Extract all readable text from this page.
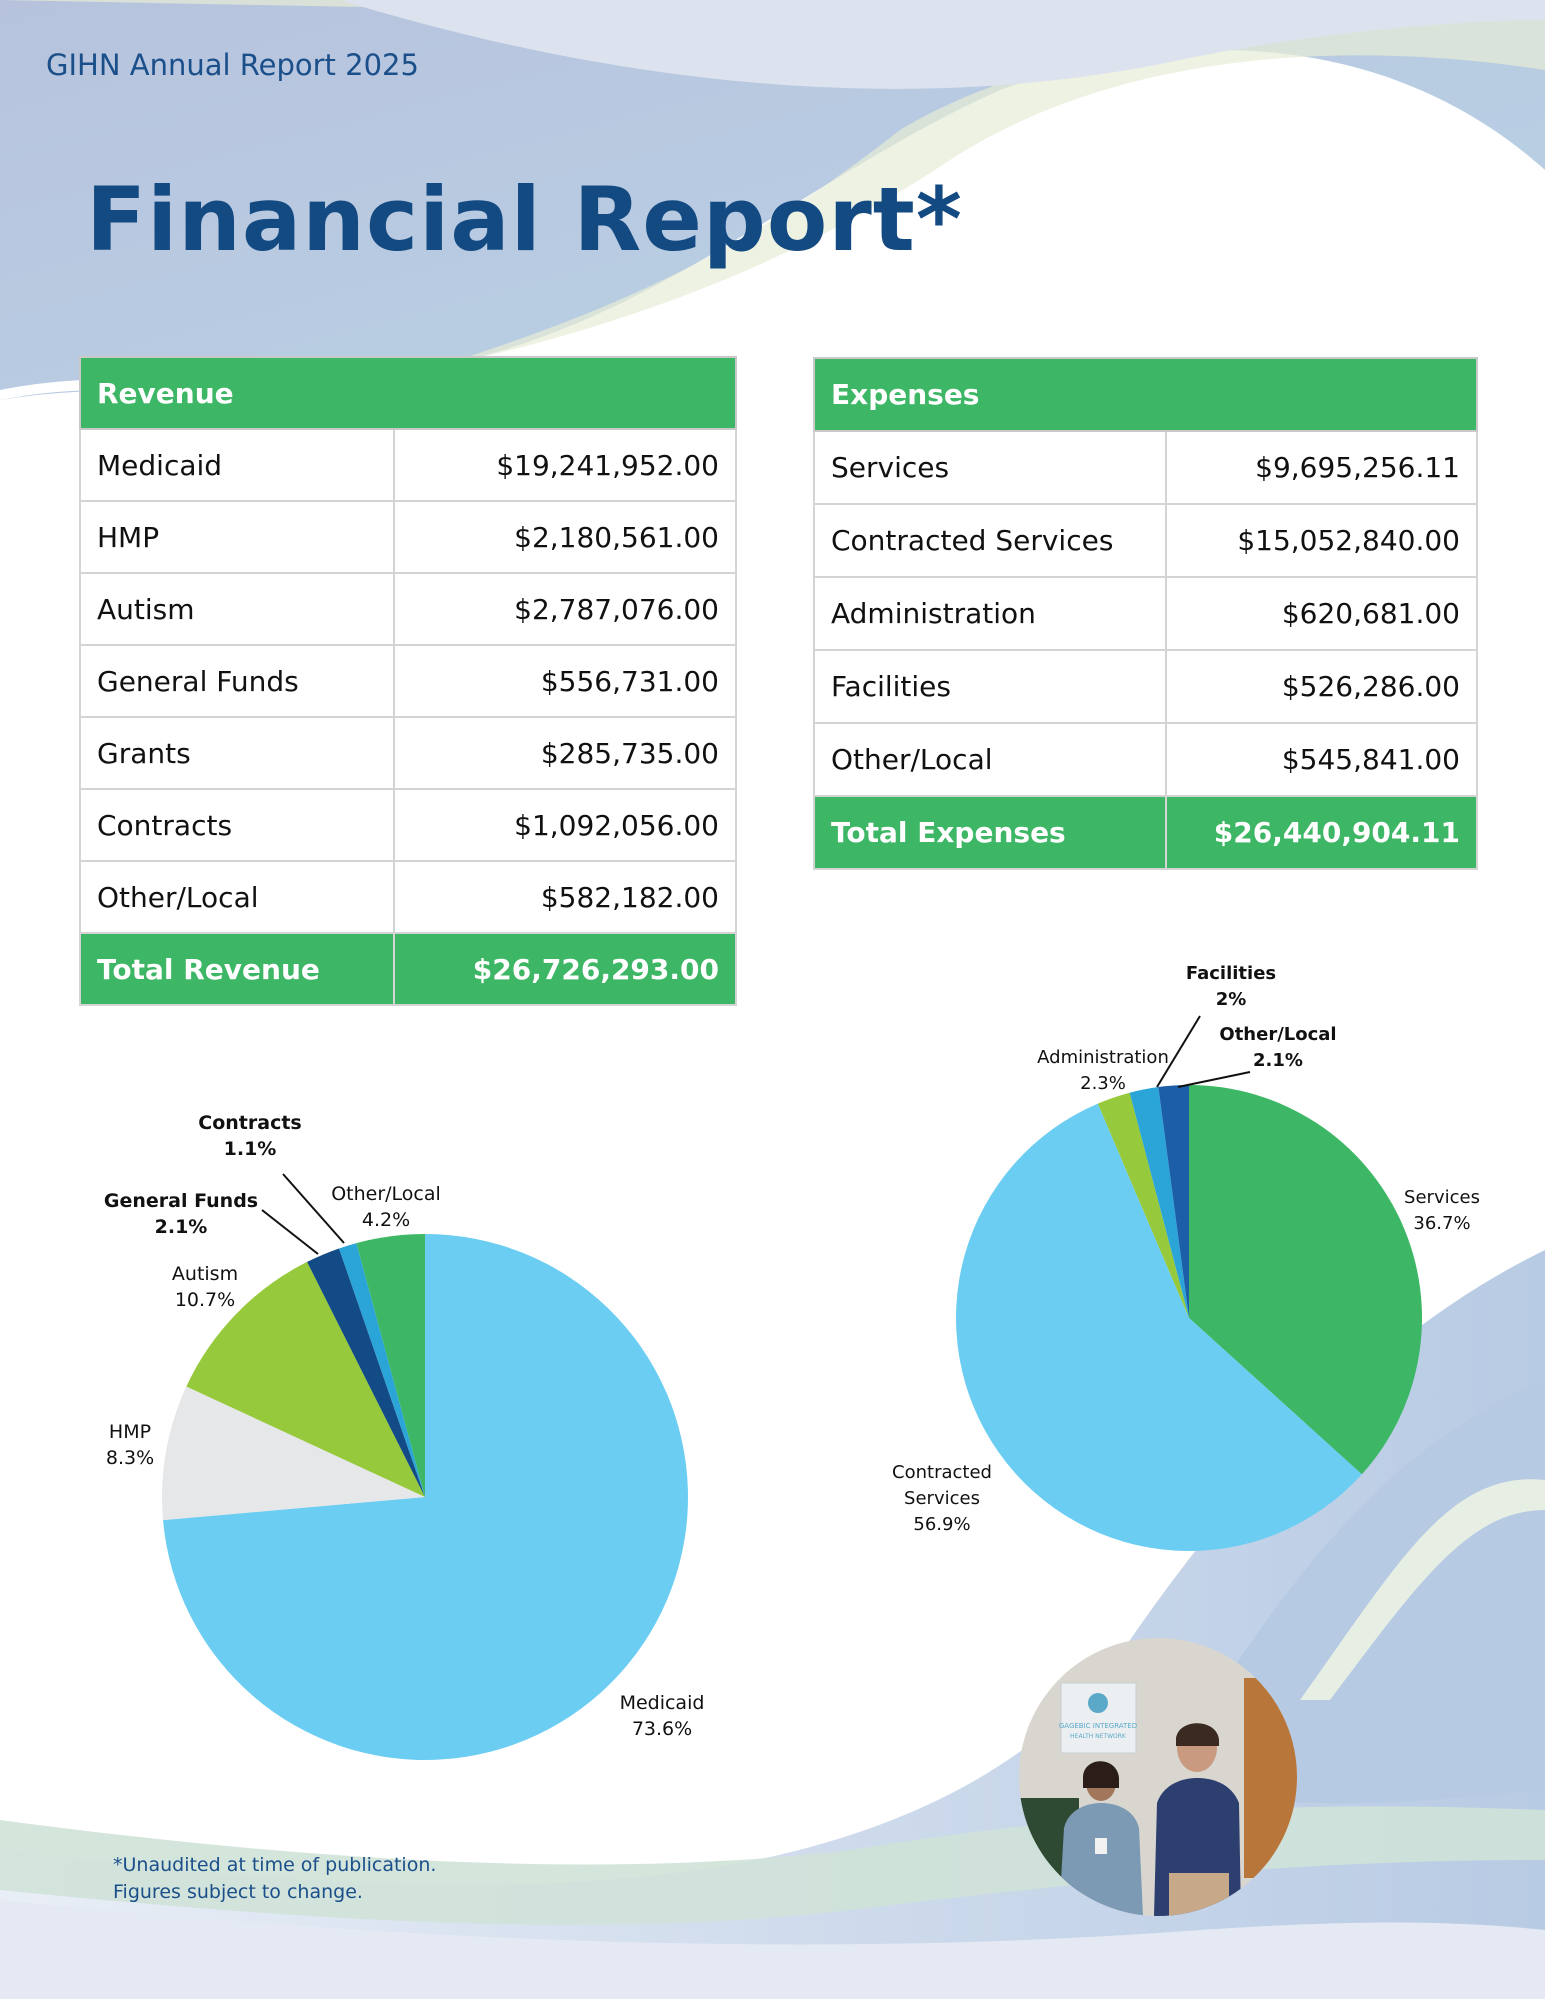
GIHN Annual Report 2025
Financial Report*
Revenue	
Medicaid	$19,241,952.00
HMP	$2,180,561.00
Autism	$2,787,076.00
General Funds	$556,731.00
Grants	$285,735.00
Contracts	$1,092,056.00
Other/Local	$582,182.00
Total Revenue	$26,726,293.00
Expenses	
Services	$9,695,256.11
Contracted Services	$15,052,840.00
Administration	$620,681.00
Facilities	$526,286.00
Other/Local	$545,841.00
Total Expenses	$26,440,904.11
Medicaid
73.6%
HMP
8.3%
Autism
10.7%
General Funds
2.1%
Contracts
1.1%
Other/Local
4.2%
Services
36.7%
Contracted
Services
56.9%
Administration
2.3%
Facilities
2%
Other/Local
2.1%
*Unaudited at time of publication.
Figures subject to change.
GAGEBIC INTEGRATED
HEALTH NETWORK
